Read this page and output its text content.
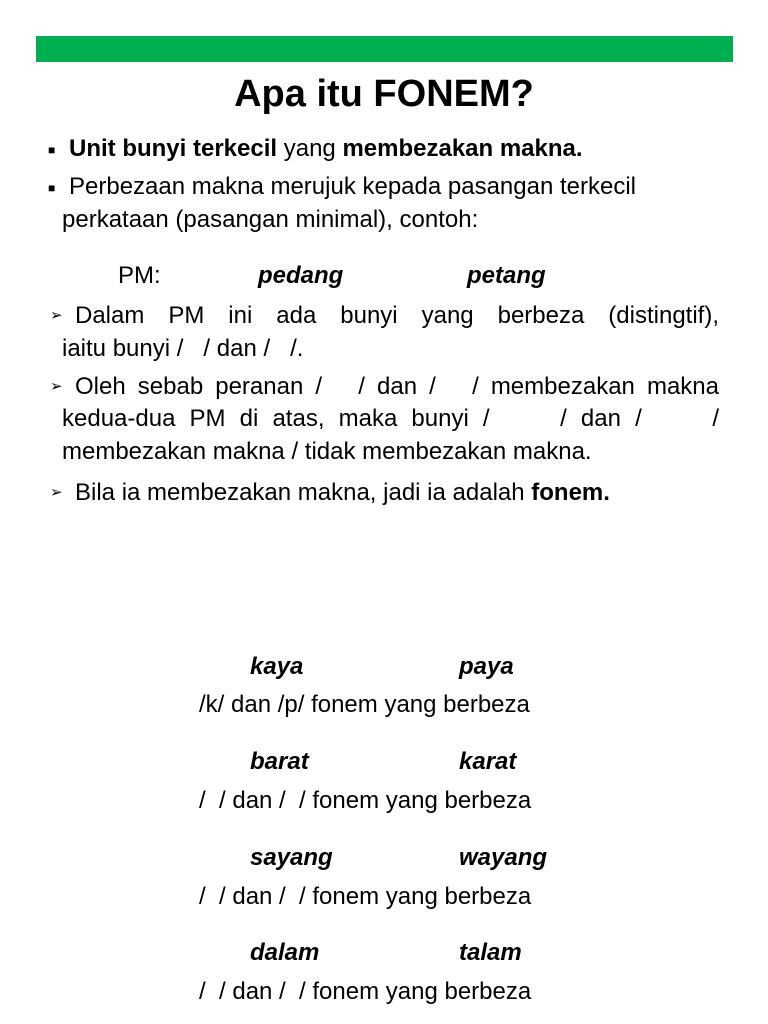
Apa itu FONEM?
■ Unit bunyi terkecil yang membezakan makna.
■ Perbezaan makna merujuk kepada pasangan terkecil
perkataan (pasangan minimal), contoh:
PM:	pedang	petang
➢ Dalam PM ini ada bunyi yang berbeza (distingtif),
iaitu bunyi /   / dan /   /.
➢ Oleh sebab peranan /   / dan /   / membezakan makna
kedua-dua PM di atas, maka bunyi /     / dan /     /
membezakan makna / tidak membezakan makna.
➢ Bila ia membezakan makna, jadi ia adalah fonem.
kaya	paya
/k/ dan /p/ fonem yang berbeza
barat	karat
/  / dan /  / fonem yang berbeza
sayang	wayang
/  / dan /  / fonem yang berbeza
dalam	talam
/  / dan /  / fonem yang berbeza
